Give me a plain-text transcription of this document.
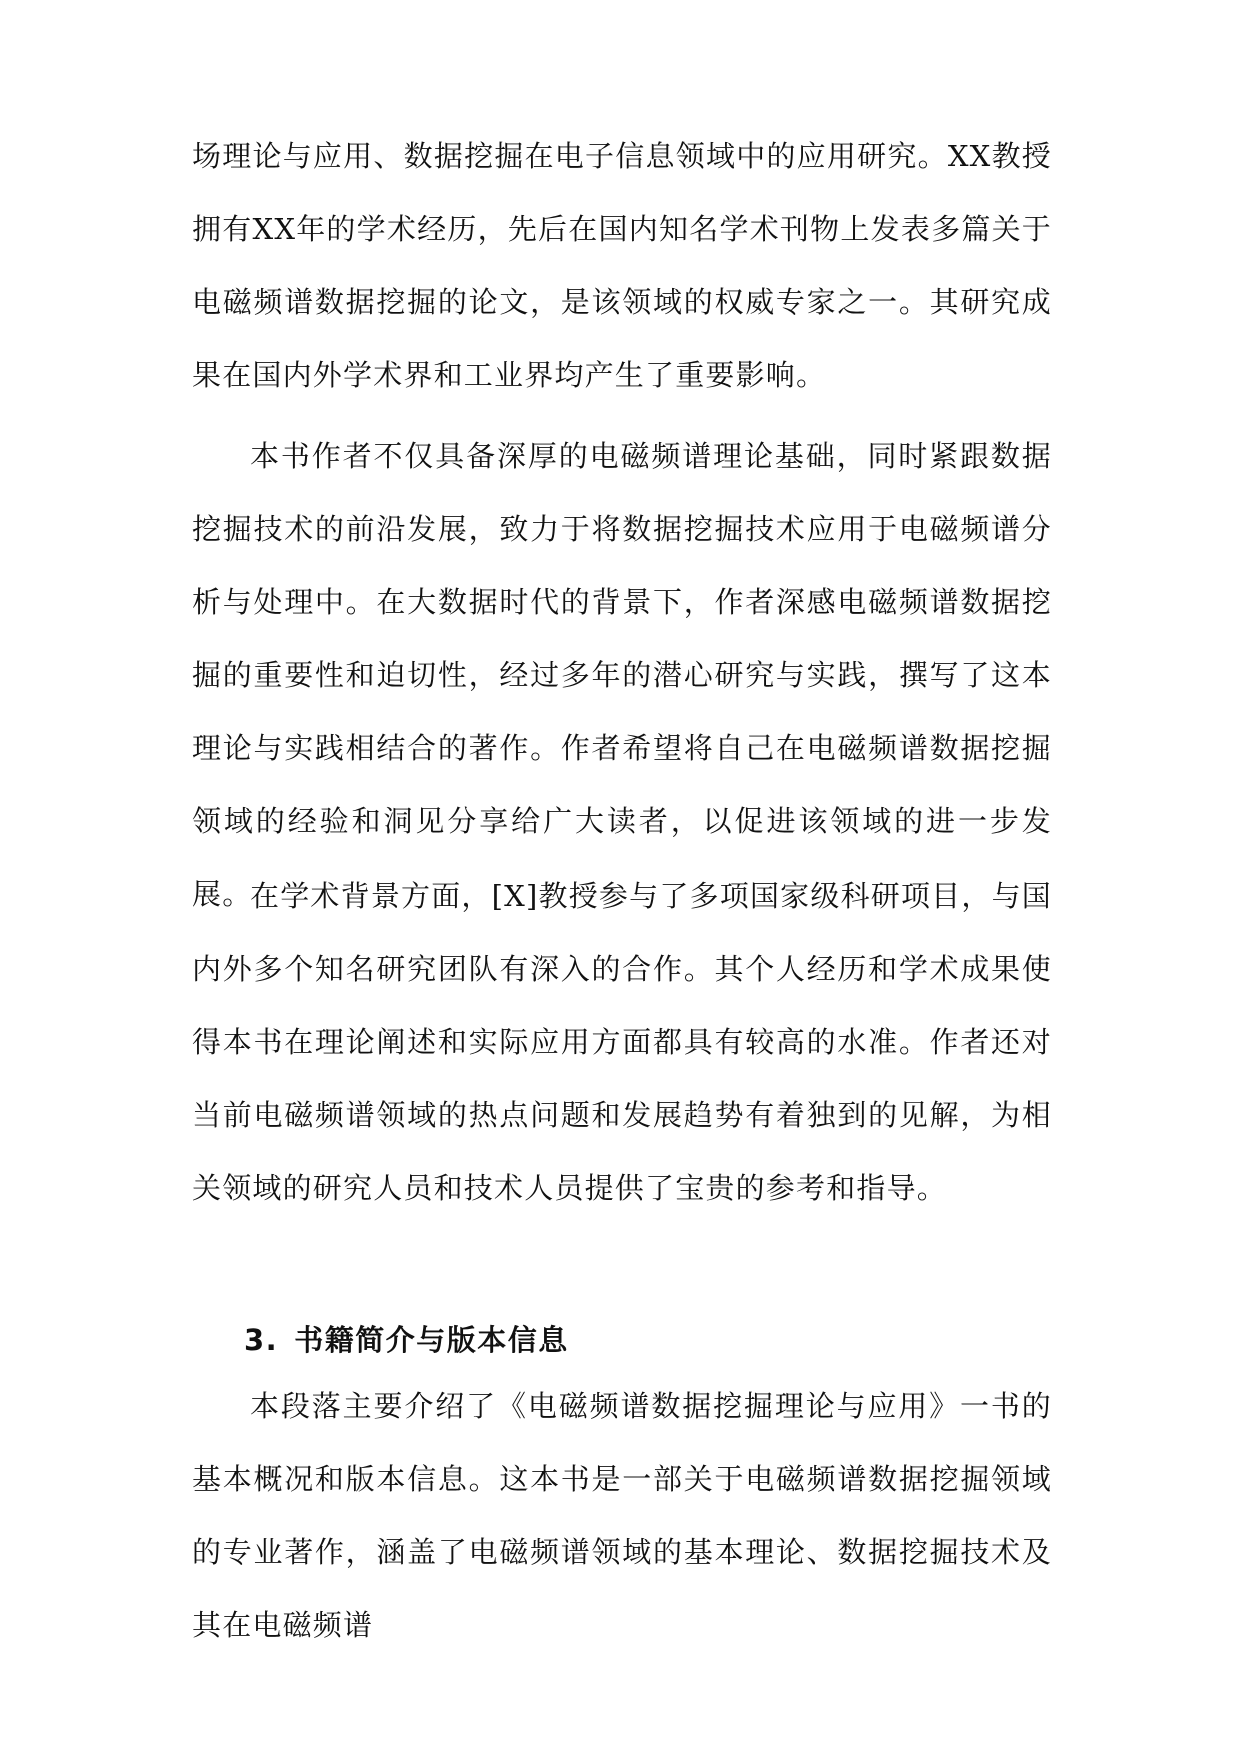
场理论与应用、数据挖掘在电子信息领域中的应用研究。XX教授拥有XX年的学术经历，先后在国内知名学术刊物上发表多篇关于电磁频谱数据挖掘的论文，是该领域的权威专家之一。其研究成果在国内外学术界和工业界均产生了重要影响。

本书作者不仅具备深厚的电磁频谱理论基础，同时紧跟数据挖掘技术的前沿发展，致力于将数据挖掘技术应用于电磁频谱分析与处理中。在大数据时代的背景下，作者深感电磁频谱数据挖掘的重要性和迫切性，经过多年的潜心研究与实践，撰写了这本理论与实践相结合的著作。作者希望将自己在电磁频谱数据挖掘领域的经验和洞见分享给广大读者，以促进该领域的进一步发展。

在学术背景方面，[X]教授参与了多项国家级科研项目，与国内外多个知名研究团队有深入的合作。其个人经历和学术成果使得本书在理论阐述和实际应用方面都具有较高的水准。作者还对当前电磁频谱领域的热点问题和发展趋势有着独到的见解，为相关领域的研究人员和技术人员提供了宝贵的参考和指导。

3. 书籍简介与版本信息

本段落主要介绍了《电磁频谱数据挖掘理论与应用》一书的基本概况和版本信息。这本书是一部关于电磁频谱数据挖掘领域的专业著作，涵盖了电磁频谱领域的基本理论、数据挖掘技术及其在电磁频谱
